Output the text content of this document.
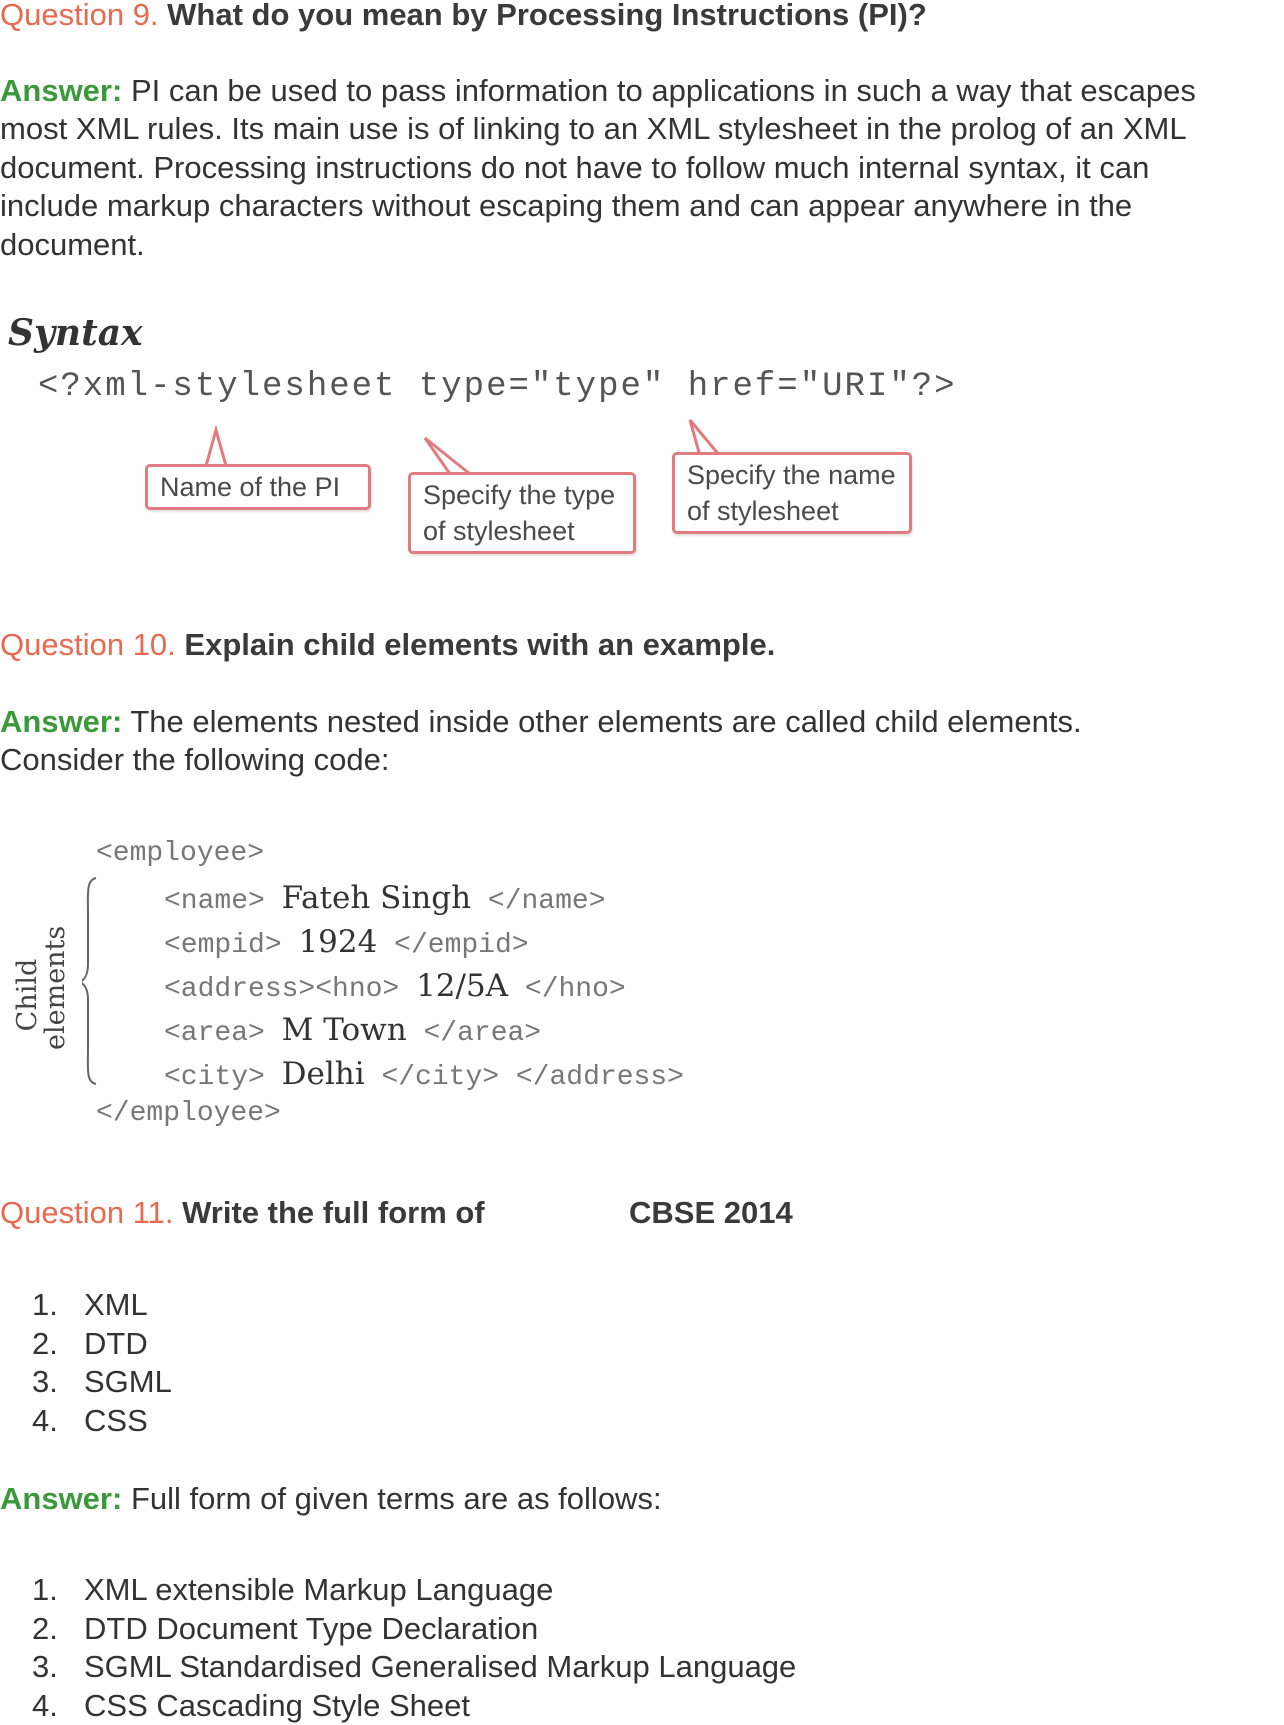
Question 9. What do you mean by Processing Instructions (PI)?
Answer: PI can be used to pass information to applications in such a way that escapes
most XML rules. Its main use is of linking to an XML stylesheet in the prolog of an XML
document. Processing instructions do not have to follow much internal syntax, it can
include markup characters without escaping them and can appear anywhere in the
document.
Syntax
<?xml-stylesheet type="type" href="URI"?>
Name of the PI	Specify the type
of stylesheet
Specify the name
of stylesheet
Question 10. Explain child elements with an example.
Answer: The elements nested inside other elements are called child elements.
Consider the following code:
Child elements
<employee>
<name> Fateh Singh </name>
<empid> 1924 </empid>
<address><hno> 12/5A </hno>
<area> M Town </area>
<city> Delhi </city> </address>
</employee>
Question 11. Write the full form of	CBSE 2014
1. XML
2. DTD
3. SGML
4. CSS
Answer: Full form of given terms are as follows:
1. XML extensible Markup Language
2. DTD Document Type Declaration
3. SGML Standardised Generalised Markup Language
4. CSS Cascading Style Sheet
